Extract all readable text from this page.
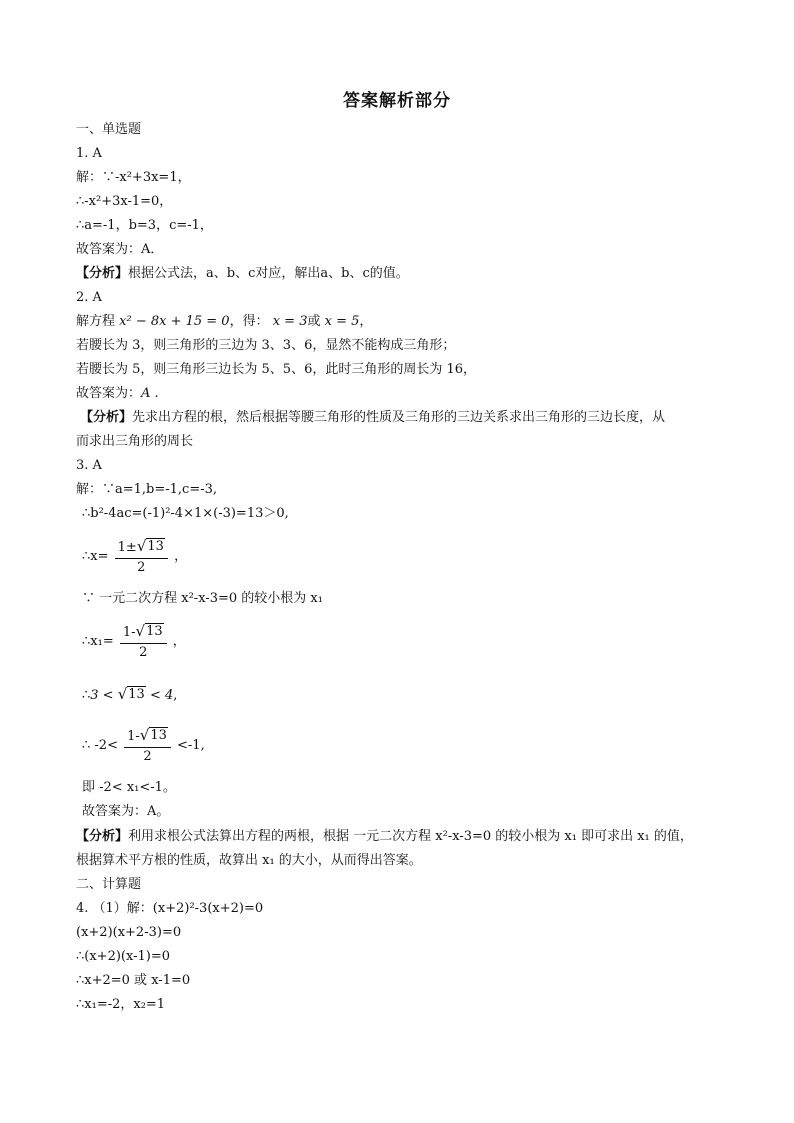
答案解析部分
一、单选题
1. A
解：∵-x²+3x=1，
∴-x²+3x-1=0，
∴a=-1，b=3，c=-1，
故答案为：A．
【分析】根据公式法，a、b、c对应，解出a、b、c的值。
2. A
解方程 x² − 8x + 15 = 0，得： x = 3或 x = 5，
若腰长为 3，则三角形的三边为 3、3、6，显然不能构成三角形；
若腰长为 5，则三角形三边长为 5、5、6，此时三角形的周长为 16，
故答案为：A .
【分析】先求出方程的根，然后根据等腰三角形的性质及三角形的三边关系求出三角形的三边长度，从
而求出三角形的周长
3. A
解：∵a=1,b=-1,c=-3,
∴b²-4ac=(-1)²-4×1×(-3)=13＞0,
∴x= $\frac{1\pm √ 13}{2}$ ，
∵ 一元二次方程 x²-x-3=0 的较小根为 x₁
∴x₁= $\frac{1- √ 13}{2}$ ，
∴3 < √ 13 < 4,
∴ $-2< \frac{1- √ 13}{2} <-1$,
即 -2< x₁<-1。
故答案为：A。
【分析】利用求根公式法算出方程的两根，根据 一元二次方程 x²-x-3=0 的较小根为 x₁ 即可求出 x₁ 的值，
根据算术平方根的性质，故算出 x₁ 的大小，从而得出答案。
二、计算题
4. （1）解：(x+2)²-3(x+2)=0
(x+2)(x+2-3)=0
∴(x+2)(x-1)=0
∴x+2=0 或 x-1=0
∴x₁=-2，x₂=1
